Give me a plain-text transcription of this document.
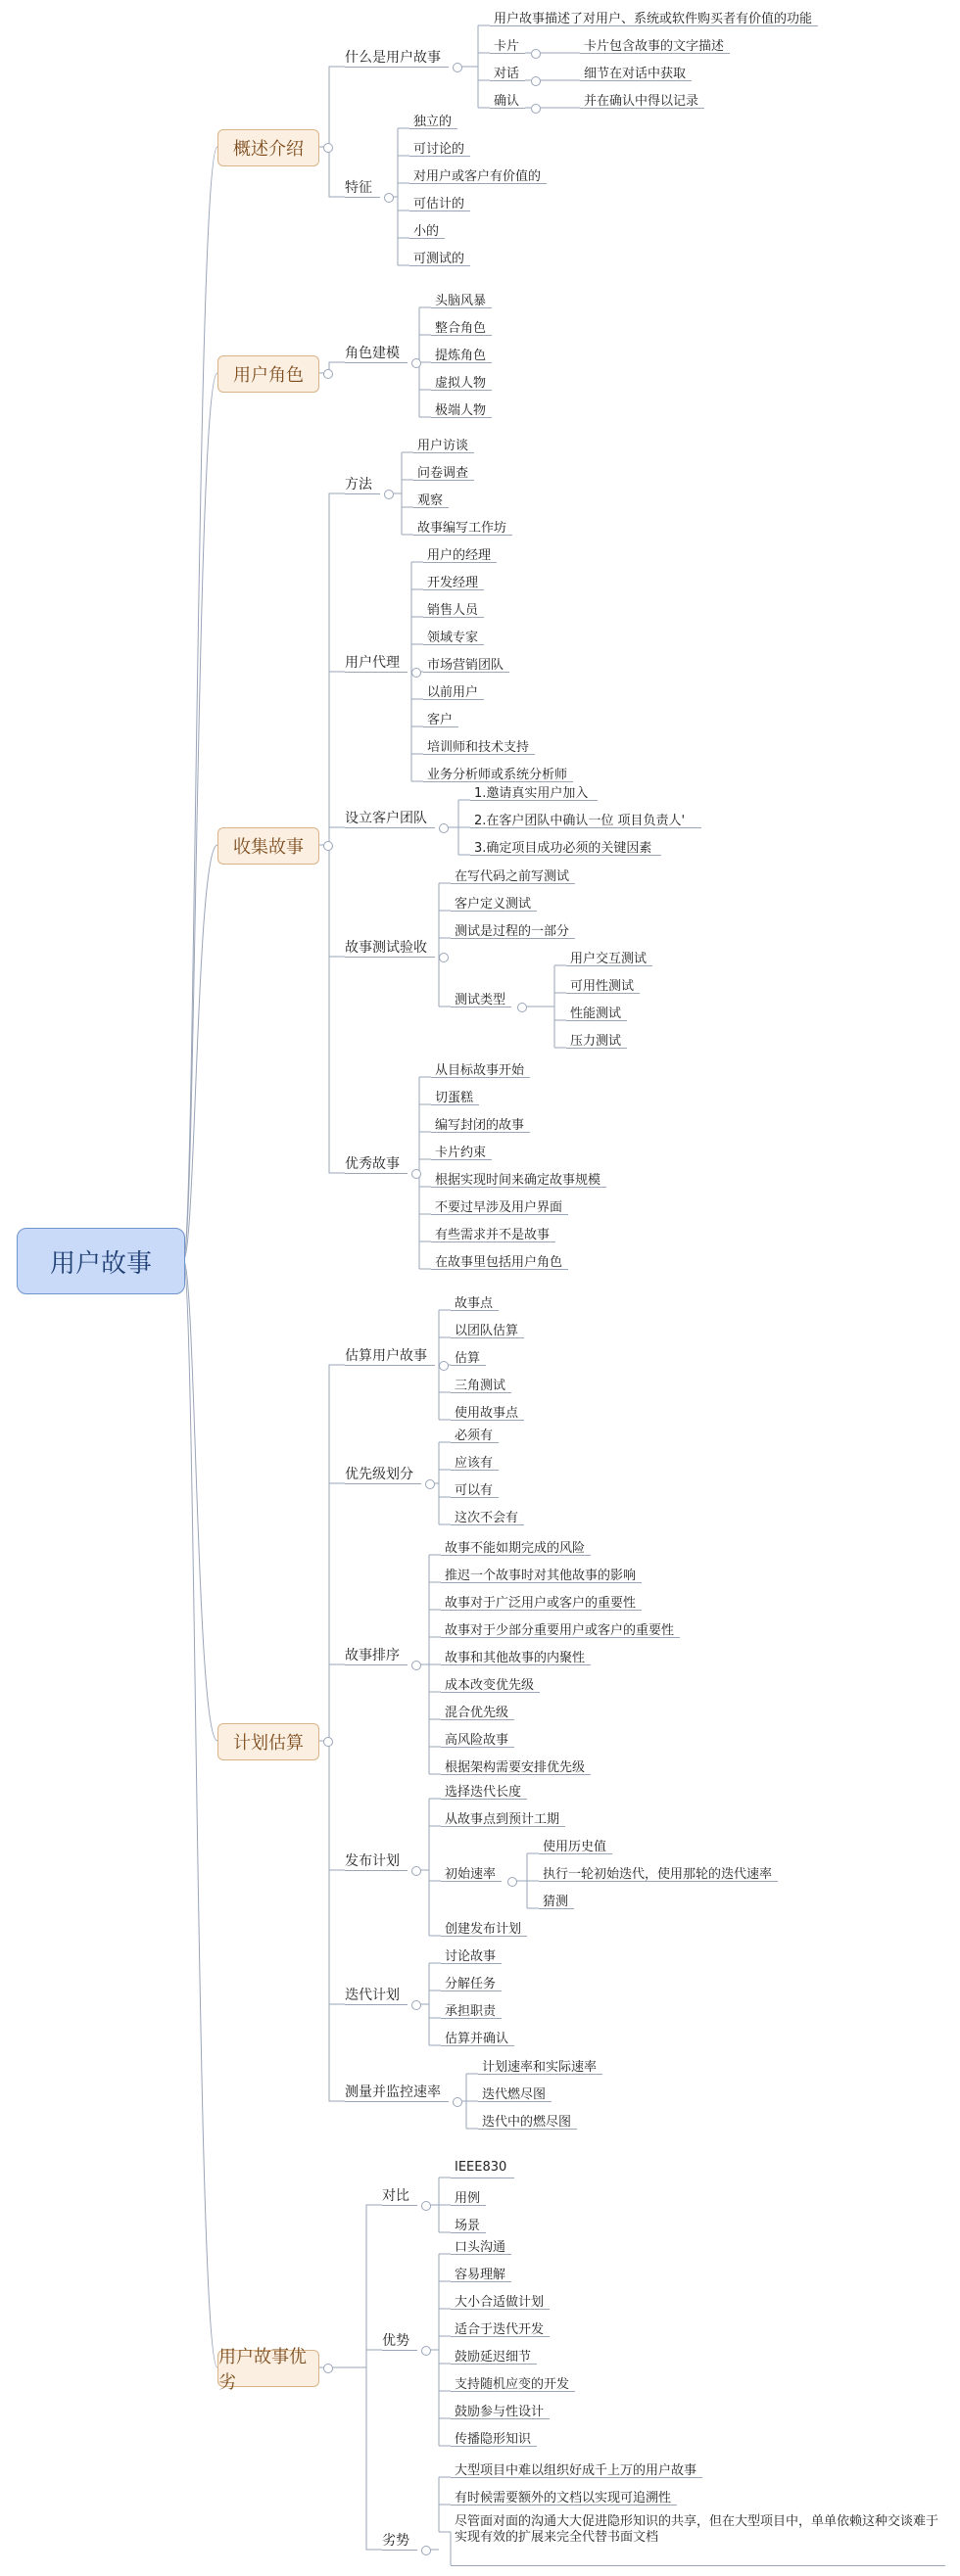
用户故事
概述介绍
什么是用户故事
用户故事描述了对用户、系统或软件购买者有价值的功能
卡片	卡片包含故事的文字描述
对话	细节在对话中获取
确认	并在确认中得以记录
特征
独立的
可讨论的
对用户或客户有价值的
可估计的
小的
可测试的
用户角色
角色建模
头脑风暴
整合角色
提炼角色
虚拟人物
极端人物
收集故事
方法
用户访谈
问卷调查
观察
故事编写工作坊
用户代理
用户的经理
开发经理
销售人员
领域专家
市场营销团队
以前用户
客户
培训师和技术支持
业务分析师或系统分析师
设立客户团队
1.邀请真实用户加入
2.在客户团队中确认一位 项目负责人'
3.确定项目成功必须的关键因素
故事测试验收
在写代码之前写测试
客户定义测试
测试是过程的一部分
测试类型
用户交互测试
可用性测试
性能测试
压力测试
优秀故事
从目标故事开始
切蛋糕
编写封闭的故事
卡片约束
根据实现时间来确定故事规模
不要过早涉及用户界面
有些需求并不是故事
在故事里包括用户角色
计划估算
估算用户故事
故事点
以团队估算
估算
三角测试
使用故事点
优先级划分
必须有
应该有
可以有
这次不会有
故事排序
故事不能如期完成的风险
推迟一个故事时对其他故事的影响
故事对于广泛用户或客户的重要性
故事对于少部分重要用户或客户的重要性
故事和其他故事的内聚性
成本改变优先级
混合优先级
高风险故事
根据架构需要安排优先级
发布计划
选择迭代长度
从故事点到预计工期
初始速率
使用历史值
执行一轮初始迭代，使用那轮的迭代速率
猜测
创建发布计划
迭代计划
讨论故事
分解任务
承担职责
估算并确认
测量并监控速率
计划速率和实际速率
迭代燃尽图
迭代中的燃尽图
用户故事优劣
对比
IEEE830
用例
场景
优势
口头沟通
容易理解
大小合适做计划
适合于迭代开发
鼓励延迟细节
支持随机应变的开发
鼓励参与性设计
传播隐形知识
劣势
大型项目中难以组织好成千上万的用户故事
有时候需要额外的文档以实现可追溯性
尽管面对面的沟通大大促进隐形知识的共享，但在大型项目中，单单依赖这种交谈难于实现有效的扩展来完全代替书面文档
